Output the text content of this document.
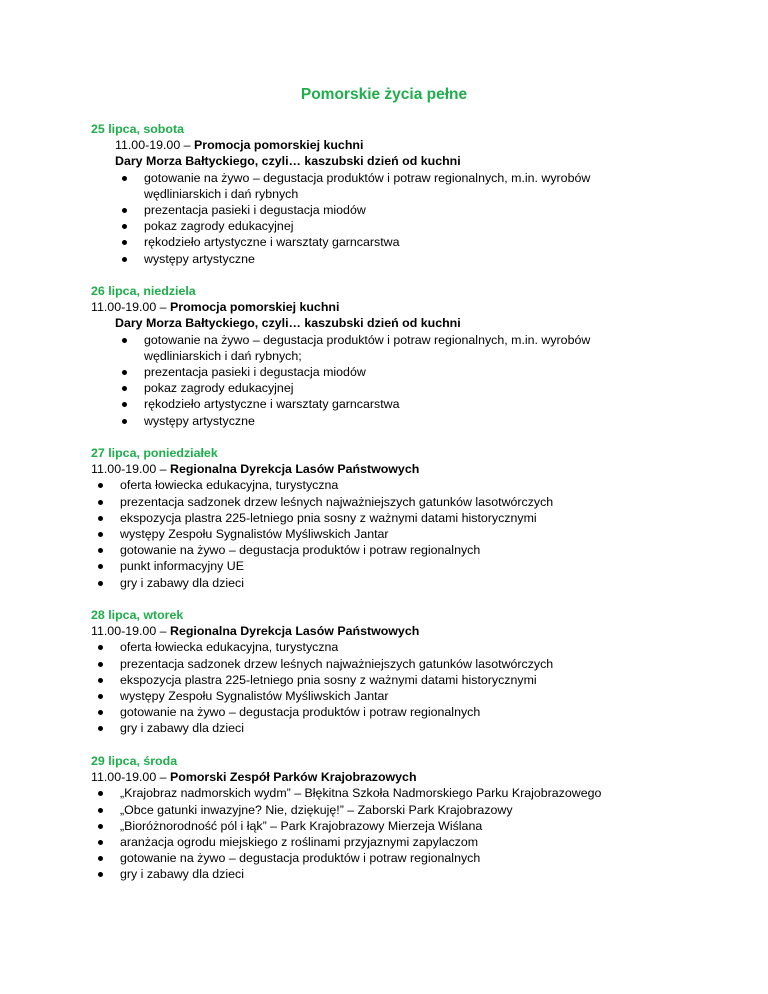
Pomorskie życia pełne
25 lipca, sobota
11.00-19.00 – Promocja pomorskiej kuchni
Dary Morza Bałtyckiego, czyli… kaszubski dzień od kuchni
gotowanie na żywo – degustacja produktów i potraw regionalnych, m.in. wyrobów
wędliniarskich i dań rybnych
prezentacja pasieki i degustacja miodów
pokaz zagrody edukacyjnej
rękodzieło artystyczne i warsztaty garncarstwa
występy artystyczne
26 lipca, niedziela
11.00-19.00 – Promocja pomorskiej kuchni
Dary Morza Bałtyckiego, czyli… kaszubski dzień od kuchni
gotowanie na żywo – degustacja produktów i potraw regionalnych, m.in. wyrobów
wędliniarskich i dań rybnych;
prezentacja pasieki i degustacja miodów
pokaz zagrody edukacyjnej
rękodzieło artystyczne i warsztaty garncarstwa
występy artystyczne
27 lipca, poniedziałek
11.00-19.00 – Regionalna Dyrekcja Lasów Państwowych
oferta łowiecka edukacyjna, turystyczna
prezentacja sadzonek drzew leśnych najważniejszych gatunków lasotwórczych
ekspozycja plastra 225-letniego pnia sosny z ważnymi datami historycznymi
występy Zespołu Sygnalistów Myśliwskich Jantar
gotowanie na żywo – degustacja produktów i potraw regionalnych
punkt informacyjny UE
gry i zabawy dla dzieci
28 lipca, wtorek
11.00-19.00 – Regionalna Dyrekcja Lasów Państwowych
oferta łowiecka edukacyjna, turystyczna
prezentacja sadzonek drzew leśnych najważniejszych gatunków lasotwórczych
ekspozycja plastra 225-letniego pnia sosny z ważnymi datami historycznymi
występy Zespołu Sygnalistów Myśliwskich Jantar
gotowanie na żywo – degustacja produktów i potraw regionalnych
gry i zabawy dla dzieci
29 lipca, środa
11.00-19.00 – Pomorski Zespół Parków Krajobrazowych
„Krajobraz nadmorskich wydm” – Błękitna Szkoła Nadmorskiego Parku Krajobrazowego
„Obce gatunki inwazyjne? Nie, dziękuję!” – Zaborski Park Krajobrazowy
„Bioróżnorodność pól i łąk” – Park Krajobrazowy Mierzeja Wiślana
aranżacja ogrodu miejskiego z roślinami przyjaznymi zapylaczom
gotowanie na żywo – degustacja produktów i potraw regionalnych
gry i zabawy dla dzieci
